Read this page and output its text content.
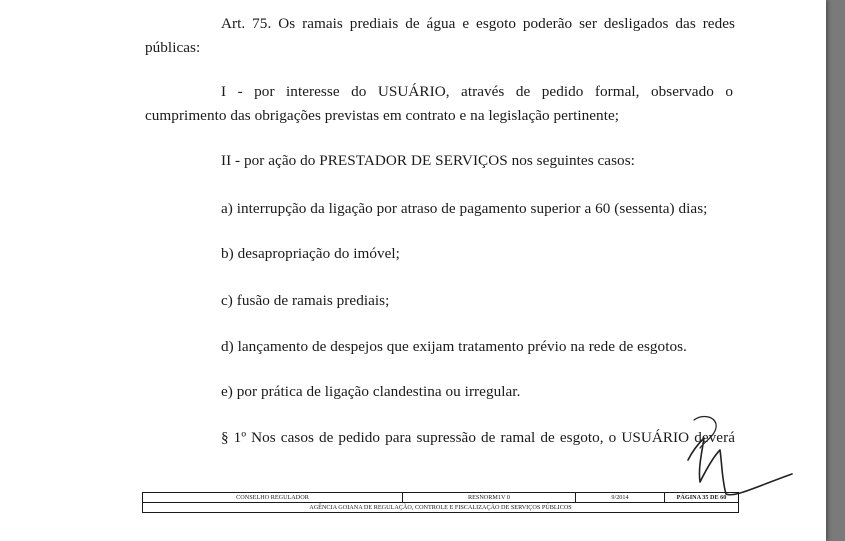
Art. 75. Os ramais prediais de água e esgoto poderão ser desligados das redes
públicas:
I - por interesse do USUÁRIO, através de pedido formal, observado o
cumprimento das obrigações previstas em contrato e na legislação pertinente;
II - por ação do PRESTADOR DE SERVIÇOS nos seguintes casos:
a) interrupção da ligação por atraso de pagamento superior a 60 (sessenta) dias;
b) desapropriação do imóvel;
c) fusão de ramais prediais;
d) lançamento de despejos que exijam tratamento prévio na rede de esgotos.
e) por prática de ligação clandestina ou irregular.
§ 1º Nos casos de pedido para supressão de ramal de esgoto, o USUÁRIO deverá
CONSELHO REGULADOR	RESNORM1V 0	9/2014	PÁGINA 35 DE 60
AGÊNCIA GOIANA DE REGULAÇÃO, CONTROLE E FISCALIZAÇÃO DE SERVIÇOS PÚBLICOS
